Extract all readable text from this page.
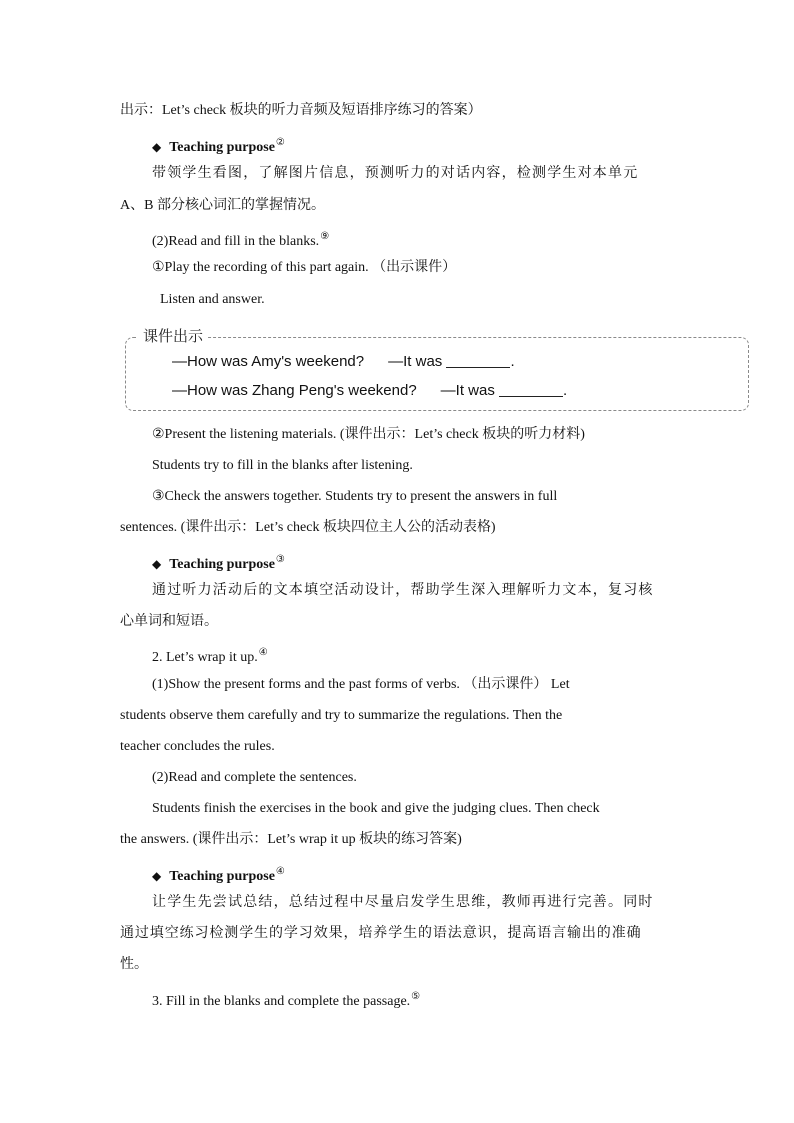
出示：Let’s check 板块的听力音频及短语排序练习的答案）
◆ Teaching purpose②
带领学生看图，了解图片信息，预测听力的对话内容，检测学生对本单元
A、B 部分核心词汇的掌握情况。
(2)Read and fill in the blanks.⑨
①Play the recording of this part again. （出示课件）
Listen and answer.
课件出示
—How was Amy's weekend? —It was	.
—How was Zhang Peng's weekend? —It was	.
②Present the listening materials. (课件出示：Let’s check 板块的听力材料)
Students try to fill in the blanks after listening.
③Check the answers together. Students try to present the answers in full
sentences. (课件出示：Let’s check 板块四位主人公的活动表格)
◆ Teaching purpose③
通过听力活动后的文本填空活动设计，帮助学生深入理解听力文本，复习核
心单词和短语。
2. Let’s wrap it up.④
(1)Show the present forms and the past forms of verbs. （出示课件） Let
students observe them carefully and try to summarize the regulations. Then the
teacher concludes the rules.
(2)Read and complete the sentences.
Students finish the exercises in the book and give the judging clues. Then check
the answers. (课件出示：Let’s wrap it up 板块的练习答案)
◆ Teaching purpose④
让学生先尝试总结，总结过程中尽量启发学生思维，教师再进行完善。同时
通过填空练习检测学生的学习效果，培养学生的语法意识，提高语言输出的准确
性。
3. Fill in the blanks and complete the passage.⑤
